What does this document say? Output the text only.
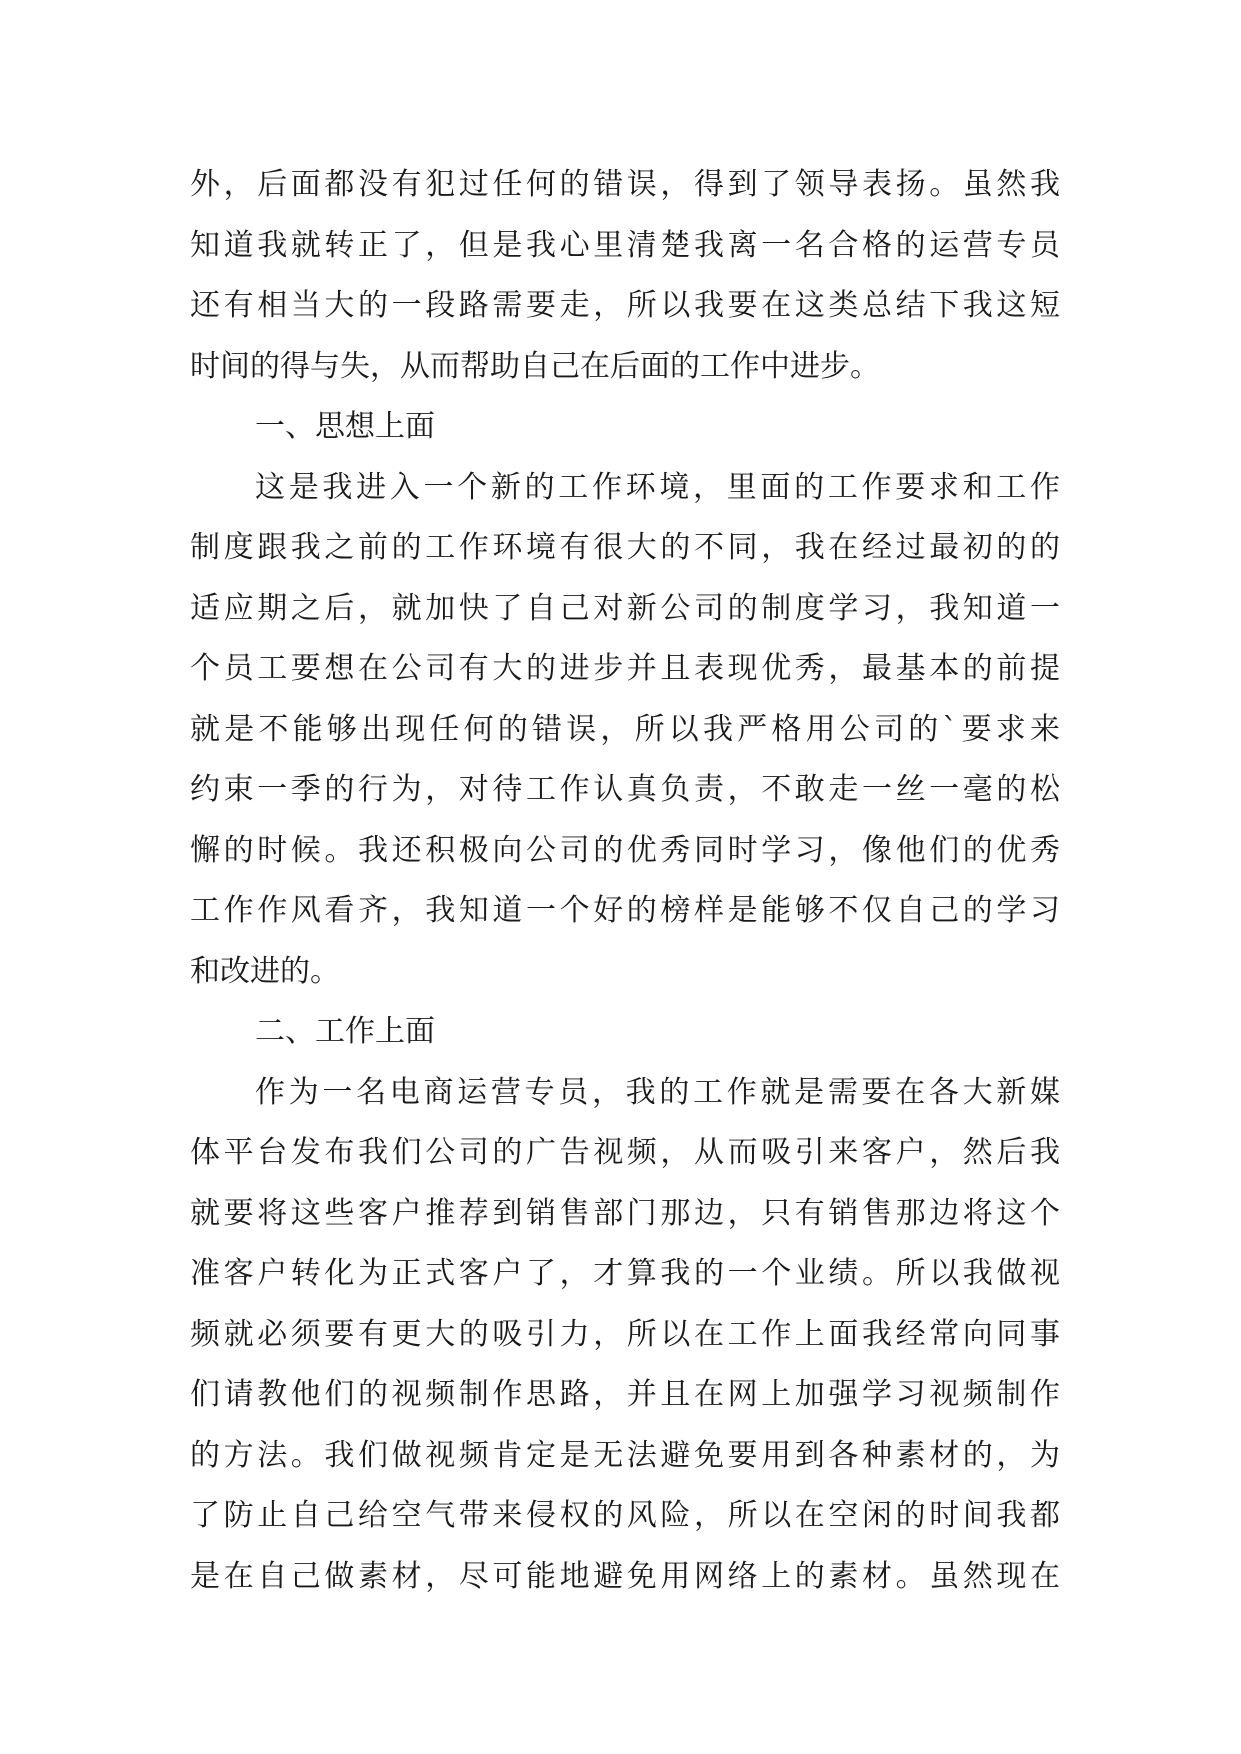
外，后面都没有犯过任何的错误，得到了领导表扬。虽然我
知道我就转正了，但是我心里清楚我离一名合格的运营专员
还有相当大的一段路需要走，所以我要在这类总结下我这短
时间的得与失，从而帮助自己在后面的工作中进步。
一、思想上面
这是我进入一个新的工作环境，里面的工作要求和工作
制度跟我之前的工作环境有很大的不同，我在经过最初的的
适应期之后，就加快了自己对新公司的制度学习，我知道一
个员工要想在公司有大的进步并且表现优秀，最基本的前提
就是不能够出现任何的错误，所以我严格用公司的`要求来
约束一季的行为，对待工作认真负责，不敢走一丝一毫的松
懈的时候。我还积极向公司的优秀同时学习，像他们的优秀
工作作风看齐，我知道一个好的榜样是能够不仅自己的学习
和改进的。
二、工作上面
作为一名电商运营专员，我的工作就是需要在各大新媒
体平台发布我们公司的广告视频，从而吸引来客户，然后我
就要将这些客户推荐到销售部门那边，只有销售那边将这个
准客户转化为正式客户了，才算我的一个业绩。所以我做视
频就必须要有更大的吸引力，所以在工作上面我经常向同事
们请教他们的视频制作思路，并且在网上加强学习视频制作
的方法。我们做视频肯定是无法避免要用到各种素材的，为
了防止自己给空气带来侵权的风险，所以在空闲的时间我都
是在自己做素材，尽可能地避免用网络上的素材。虽然现在
